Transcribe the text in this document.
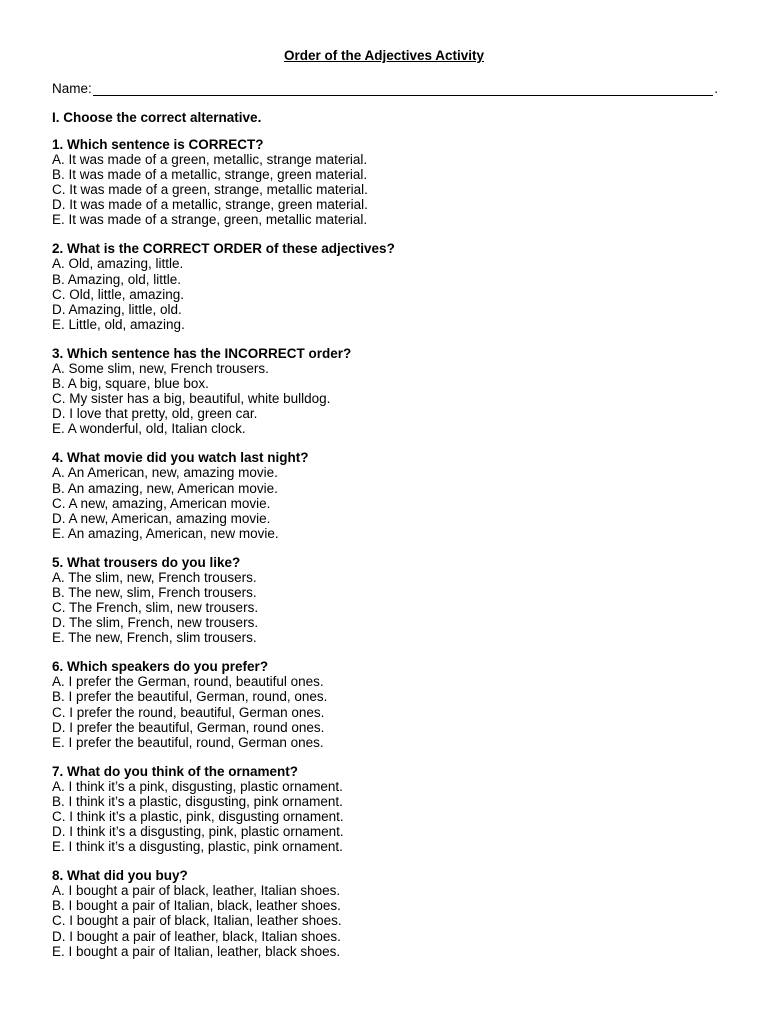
Order of the Adjectives Activity
Name:	.
I. Choose the correct alternative.
1. Which sentence is CORRECT?
A. It was made of a green, metallic, strange material.
B. It was made of a metallic, strange, green material.
C. It was made of a green, strange, metallic material.
D. It was made of a metallic, strange, green material.
E. It was made of a strange, green, metallic material.
2. What is the CORRECT ORDER of these adjectives?
A. Old, amazing, little.
B. Amazing, old, little.
C. Old, little, amazing.
D. Amazing, little, old.
E. Little, old, amazing.
3. Which sentence has the INCORRECT order?
A. Some slim, new, French trousers.
B. A big, square, blue box.
C. My sister has a big, beautiful, white bulldog.
D. I love that pretty, old, green car.
E. A wonderful, old, Italian clock.
4. What movie did you watch last night?
A. An American, new, amazing movie.
B. An amazing, new, American movie.
C. A new, amazing, American movie.
D. A new, American, amazing movie.
E. An amazing, American, new movie.
5. What trousers do you like?
A. The slim, new, French trousers.
B. The new, slim, French trousers.
C. The French, slim, new trousers.
D. The slim, French, new trousers.
E. The new, French, slim trousers.
6. Which speakers do you prefer?
A. I prefer the German, round, beautiful ones.
B. I prefer the beautiful, German, round, ones.
C. I prefer the round, beautiful, German ones.
D. I prefer the beautiful, German, round ones.
E. I prefer the beautiful, round, German ones.
7. What do you think of the ornament?
A. I think it’s a pink, disgusting, plastic ornament.
B. I think it’s a plastic, disgusting, pink ornament.
C. I think it’s a plastic, pink, disgusting ornament.
D. I think it’s a disgusting, pink, plastic ornament.
E. I think it’s a disgusting, plastic, pink ornament.
8. What did you buy?
A. I bought a pair of black, leather, Italian shoes.
B. I bought a pair of Italian, black, leather shoes.
C. I bought a pair of black, Italian, leather shoes.
D. I bought a pair of leather, black, Italian shoes.
E. I bought a pair of Italian, leather, black shoes.
